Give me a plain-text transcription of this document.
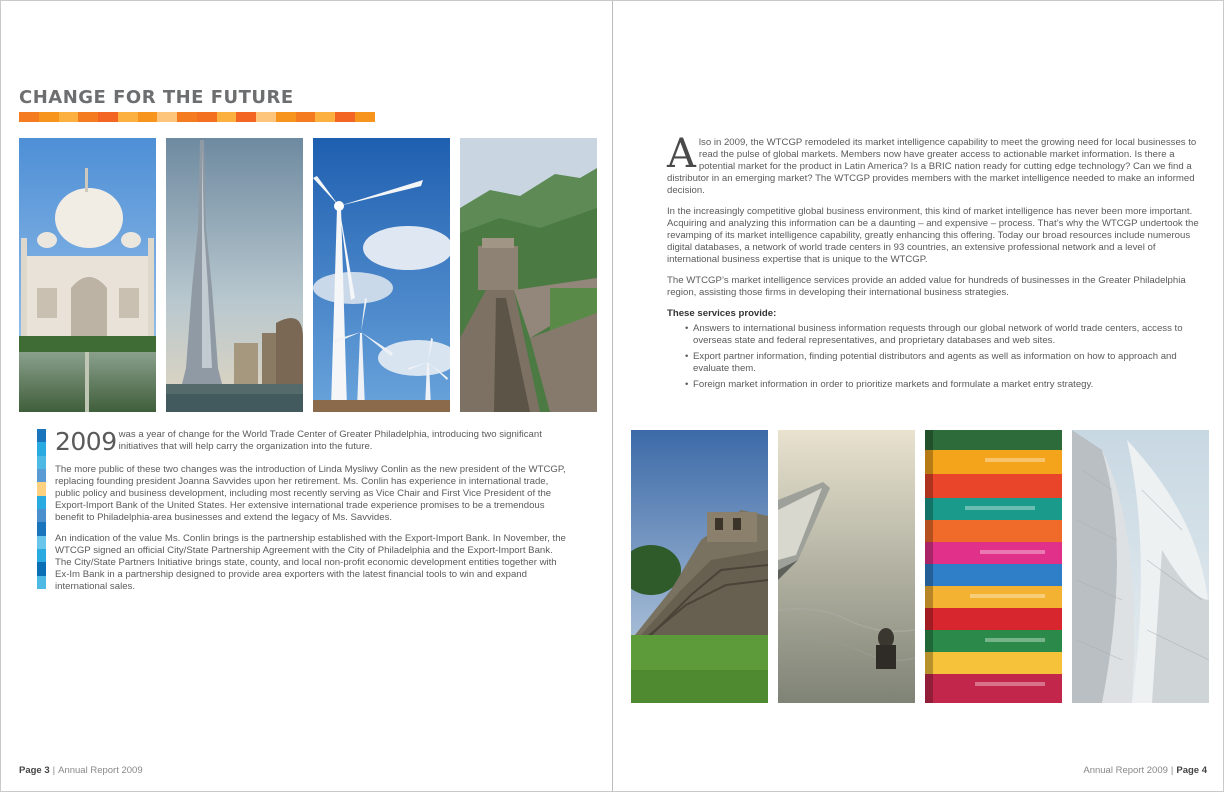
CHANGE FOR THE FUTURE

2009 was a year of change for the World Trade Center of Greater Philadelphia, introducing two significant initiatives that will help carry the organization into the future.

The more public of these two changes was the introduction of Linda Mysliwy Conlin as the new president of the WTCGP, replacing founding president Joanna Savvides upon her retirement. Ms. Conlin has experience in international trade, public policy and business development, including most recently serving as Vice Chair and First Vice President of the Export-Import Bank of the United States. Her extensive international trade experience promises to be a tremendous benefit to Philadelphia-area businesses and extend the legacy of Ms. Savvides.

An indication of the value Ms. Conlin brings is the partnership established with the Export-Import Bank. In November, the WTCGP signed an official City/State Partnership Agreement with the City of Philadelphia and the Export-Import Bank. The City/State Partners Initiative brings state, county, and local non-profit economic development entities together with Ex-Im Bank in a partnership designed to provide area exporters with the latest financial tools to win and expand international sales.

Page 3 | Annual Report 2009

A lso in 2009, the WTCGP remodeled its market intelligence capability to meet the growing need for local businesses to read the pulse of global markets. Members now have greater access to actionable market information. Is there a potential market for the product in Latin America? Is a BRIC nation ready for cutting edge technology? Can we find a distributor in an emerging market? The WTCGP provides members with the market intelligence needed to make an informed decision.

In the increasingly competitive global business environment, this kind of market intelligence has never been more important. Acquiring and analyzing this information can be a daunting – and expensive – process. That’s why the WTCGP undertook the revamping of its market intelligence capability, greatly enhancing this offering. Today our broad resources include numerous digital databases, a network of world trade centers in 93 countries, an extensive professional network and a level of international business expertise that is unique to the WTCGP.

The WTCGP’s market intelligence services provide an added value for hundreds of businesses in the Greater Philadelphia region, assisting those firms in developing their international business strategies.

These services provide:
• Answers to international business information requests through our global network of world trade centers, access to overseas state and federal representatives, and proprietary databases and web sites.
• Export partner information, finding potential distributors and agents as well as information on how to approach and evaluate them.
• Foreign market information in order to prioritize markets and formulate a market entry strategy.
Annual Report 2009 | Page 4
